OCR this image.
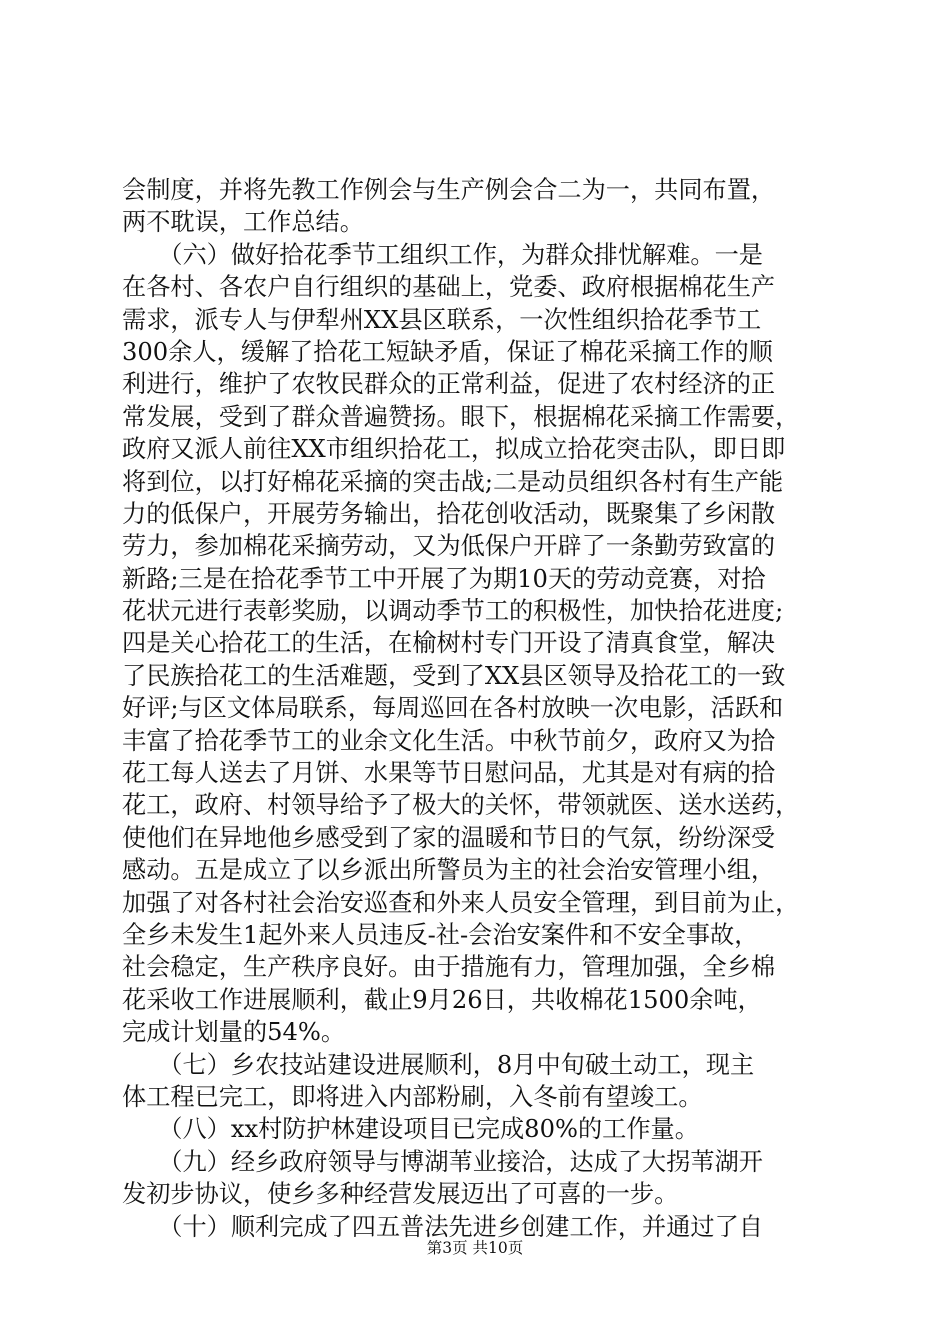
会制度，并将先教工作例会与生产例会合二为一，共同布置，
两不耽误，工作总结。
　　（六）做好拾花季节工组织工作，为群众排忧解难。一是
在各村、各农户自行组织的基础上，党委、政府根据棉花生产
需求，派专人与伊犁州XX县区联系，一次性组织拾花季节工
300余人，缓解了拾花工短缺矛盾，保证了棉花采摘工作的顺
利进行，维护了农牧民群众的正常利益，促进了农村经济的正
常发展，受到了群众普遍赞扬。眼下，根据棉花采摘工作需要，
政府又派人前往XX市组织拾花工，拟成立拾花突击队，即日即
将到位，以打好棉花采摘的突击战;二是动员组织各村有生产能
力的低保户，开展劳务输出，拾花创收活动，既聚集了乡闲散
劳力，参加棉花采摘劳动，又为低保户开辟了一条勤劳致富的
新路;三是在拾花季节工中开展了为期10天的劳动竞赛，对拾
花状元进行表彰奖励，以调动季节工的积极性，加快拾花进度;
四是关心拾花工的生活，在榆树村专门开设了清真食堂，解决
了民族拾花工的生活难题，受到了XX县区领导及拾花工的一致
好评;与区文体局联系，每周巡回在各村放映一次电影，活跃和
丰富了拾花季节工的业余文化生活。中秋节前夕，政府又为拾
花工每人送去了月饼、水果等节日慰问品，尤其是对有病的拾
花工，政府、村领导给予了极大的关怀，带领就医、送水送药，
使他们在异地他乡感受到了家的温暖和节日的气氛，纷纷深受
感动。五是成立了以乡派出所警员为主的社会治安管理小组，
加强了对各村社会治安巡查和外来人员安全管理，到目前为止，
全乡未发生1起外来人员违反-社-会治安案件和不安全事故，
社会稳定，生产秩序良好。由于措施有力，管理加强，全乡棉
花采收工作进展顺利，截止9月26日，共收棉花1500余吨，
完成计划量的54%。
　　（七）乡农技站建设进展顺利，8月中旬破土动工，现主
体工程已完工，即将进入内部粉刷，入冬前有望竣工。
　　（八）xx村防护林建设项目已完成80%的工作量。
　　（九）经乡政府领导与博湖苇业接洽，达成了大拐苇湖开
发初步协议，使乡多种经营发展迈出了可喜的一步。
　　（十）顺利完成了四五普法先进乡创建工作，并通过了自
第3页 共10页
